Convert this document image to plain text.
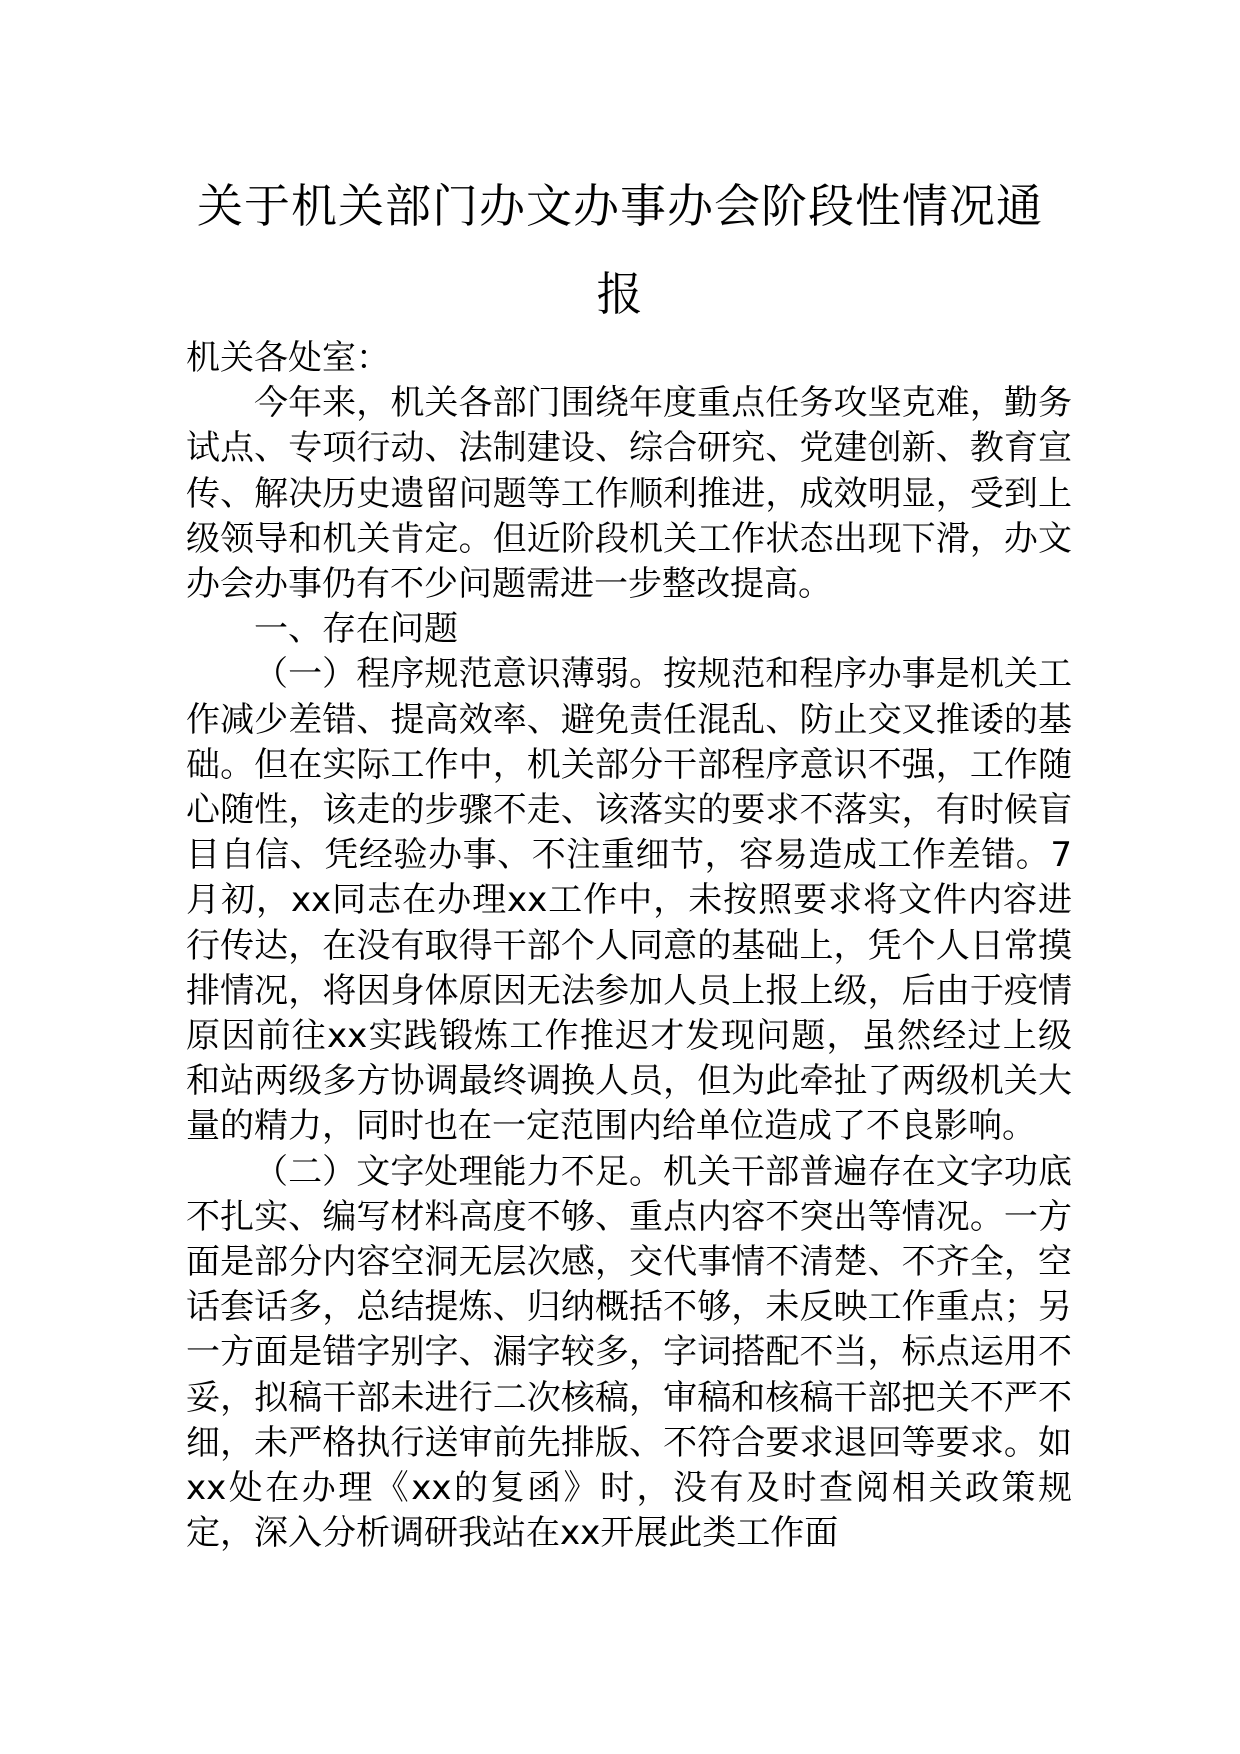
关于机关部门办文办事办会阶段性情况通报

机关各处室：

今年来，机关各部门围绕年度重点任务攻坚克难，勤务试点、专项行动、法制建设、综合研究、党建创新、教育宣传、解决历史遗留问题等工作顺利推进，成效明显，受到上级领导和机关肯定。但近阶段机关工作状态出现下滑，办文办会办事仍有不少问题需进一步整改提高。

一、存在问题

（一）程序规范意识薄弱。按规范和程序办事是机关工作减少差错、提高效率、避免责任混乱、防止交叉推诿的基础。但在实际工作中，机关部分干部程序意识不强，工作随心随性，该走的步骤不走、该落实的要求不落实，有时候盲目自信、凭经验办事、不注重细节，容易造成工作差错。7月初，xx同志在办理xx工作中，未按照要求将文件内容进行传达，在没有取得干部个人同意的基础上，凭个人日常摸排情况，将因身体原因无法参加人员上报上级，后由于疫情原因前往xx实践锻炼工作推迟才发现问题，虽然经过上级和站两级多方协调最终调换人员，但为此牵扯了两级机关大量的精力，同时也在一定范围内给单位造成了不良影响。

（二）文字处理能力不足。机关干部普遍存在文字功底不扎实、编写材料高度不够、重点内容不突出等情况。一方面是部分内容空洞无层次感，交代事情不清楚、不齐全，空话套话多，总结提炼、归纳概括不够，未反映工作重点；另一方面是错字别字、漏字较多，字词搭配不当，标点运用不妥，拟稿干部未进行二次核稿，审稿和核稿干部把关不严不细，未严格执行送审前先排版、不符合要求退回等要求。如xx处在办理《xx的复函》时，没有及时查阅相关政策规定，深入分析调研我站在xx开展此类工作面
